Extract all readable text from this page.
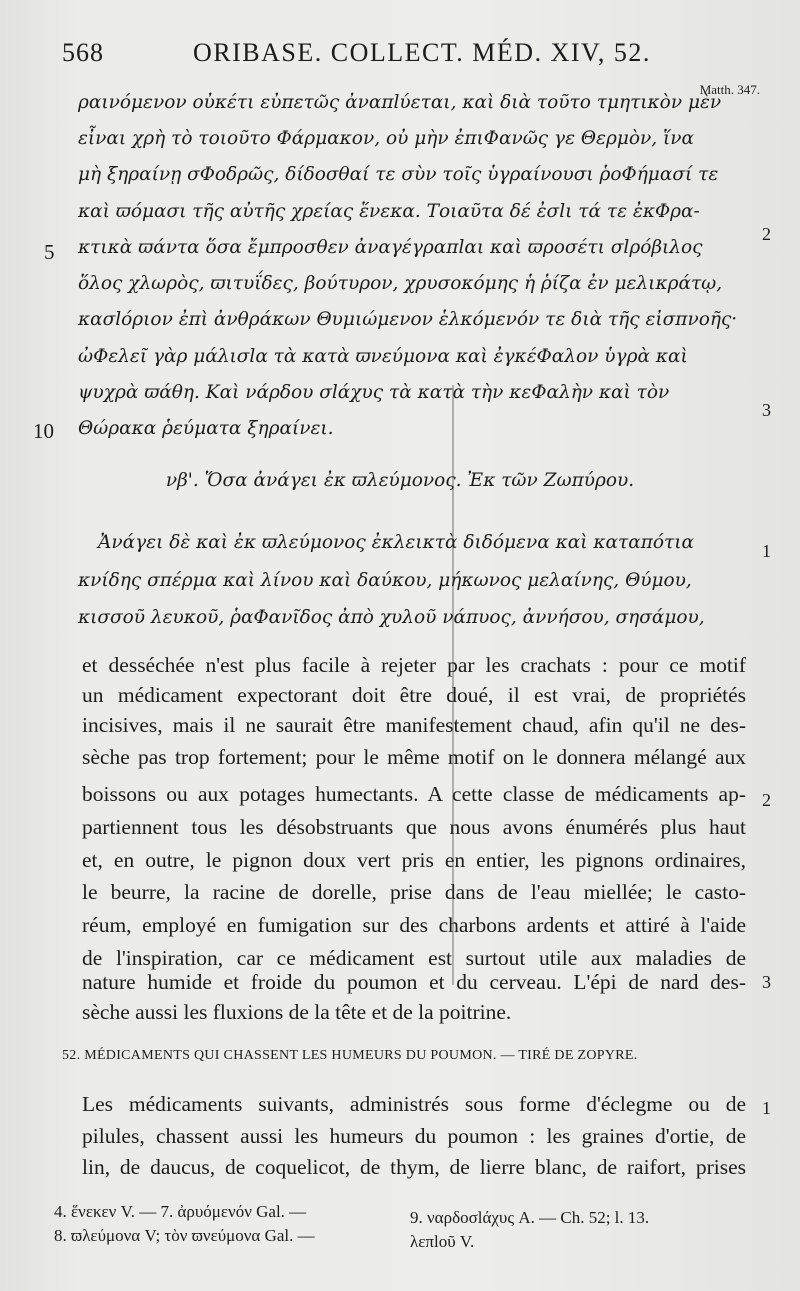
568	ORIBASE. COLLECT. MÉD. XIV, 52.
Matth. 347.
ραινόμενον οὐκέτι εὐπετῶς ἀναπlύεται, καὶ διὰ τοῦτο τμητικὸν μὲν
εἶναι χρὴ τὸ τοιοῦτο Φάρμακον, οὐ μὴν ἐπιΦανῶς γε Θερμὸν, ἵνα
μὴ ξηραίνῃ σΦοδρῶς, δίδοσθαί τε σὺν τοῖς ὑγραίνουσι ῥοΦήμασί τε
καὶ ϖόμασι τῆς αὐτῆς χρείας ἕνεκα. Τοιαῦτα δέ ἐσlι τά τε ἐκΦρα-
κτικὰ ϖάντα ὅσα ἔμπροσθεν ἀναγέγραπlαι καὶ ϖροσέτι σlρόβιλος
ὅλος χλωρὸς, ϖιτυΐδες, βούτυρον, χρυσοκόμης ἡ ῥίζα ἐν μελικράτῳ,
κασlόριον ἐπὶ ἀνθράκων Θυμιώμενον ἑλκόμενόν τε διὰ τῆς εἰσπνοῆς·
ὠΦελεῖ γὰρ μάλισlα τὰ κατὰ ϖνεύμονα καὶ ἐγκέΦαλον ὑγρὰ καὶ
ψυχρὰ ϖάθη. Καὶ νάρδου σlάχυς τὰ κατὰ τὴν κεΦαλὴν καὶ τὸν
Θώρακα ῥεύματα ξηραίνει.
5
10
2
3
νβ'. Ὅσα ἀνάγει ἐκ ϖλεύμονος. Ἐκ τῶν Ζωπύρου.
Ἀνάγει δὲ καὶ ἐκ ϖλεύμονος ἐκλεικτὰ διδόμενα καὶ καταπότια
κνίδης σπέρμα καὶ λίνου καὶ δαύκου, μήκωνος μελαίνης, Θύμου,
κισσοῦ λευκοῦ, ῥαΦανῖδος ἀπὸ χυλοῦ νάπυος, ἀννήσου, σησάμου,
1
et desséchée n'est plus facile à rejeter par les crachats : pour ce motif
un médicament expectorant doit être doué, il est vrai, de propriétés
incisives, mais il ne saurait être manifestement chaud, afin qu'il ne des-
sèche pas trop fortement; pour le même motif on le donnera mélangé aux
boissons ou aux potages humectants. A cette classe de médicaments ap-
partiennent tous les désobstruants que nous avons énumérés plus haut
et, en outre, le pignon doux vert pris en entier, les pignons ordinaires,
le beurre, la racine de dorelle, prise dans de l'eau miellée; le casto-
réum, employé en fumigation sur des charbons ardents et attiré à l'aide
de l'inspiration, car ce médicament est surtout utile aux maladies de
nature humide et froide du poumon et du cerveau. L'épi de nard des-
sèche aussi les fluxions de la tête et de la poitrine.
2
3
52. MÉDICAMENTS QUI CHASSENT LES HUMEURS DU POUMON. — TIRÉ DE ZOPYRE.
Les médicaments suivants, administrés sous forme d'éclegme ou de
pilules, chassent aussi les humeurs du poumon : les graines d'ortie, de
lin, de daucus, de coquelicot, de thym, de lierre blanc, de raifort, prises
1
4. ἕνεκεν V. — 7. ἀρυόμενόν Gal. —	9. ναρδοσlάχυς A. — Ch. 52; l. 13.
8. ϖλεύμονα V; τὸν ϖνεύμονα Gal. —	λεπlοῦ V.
